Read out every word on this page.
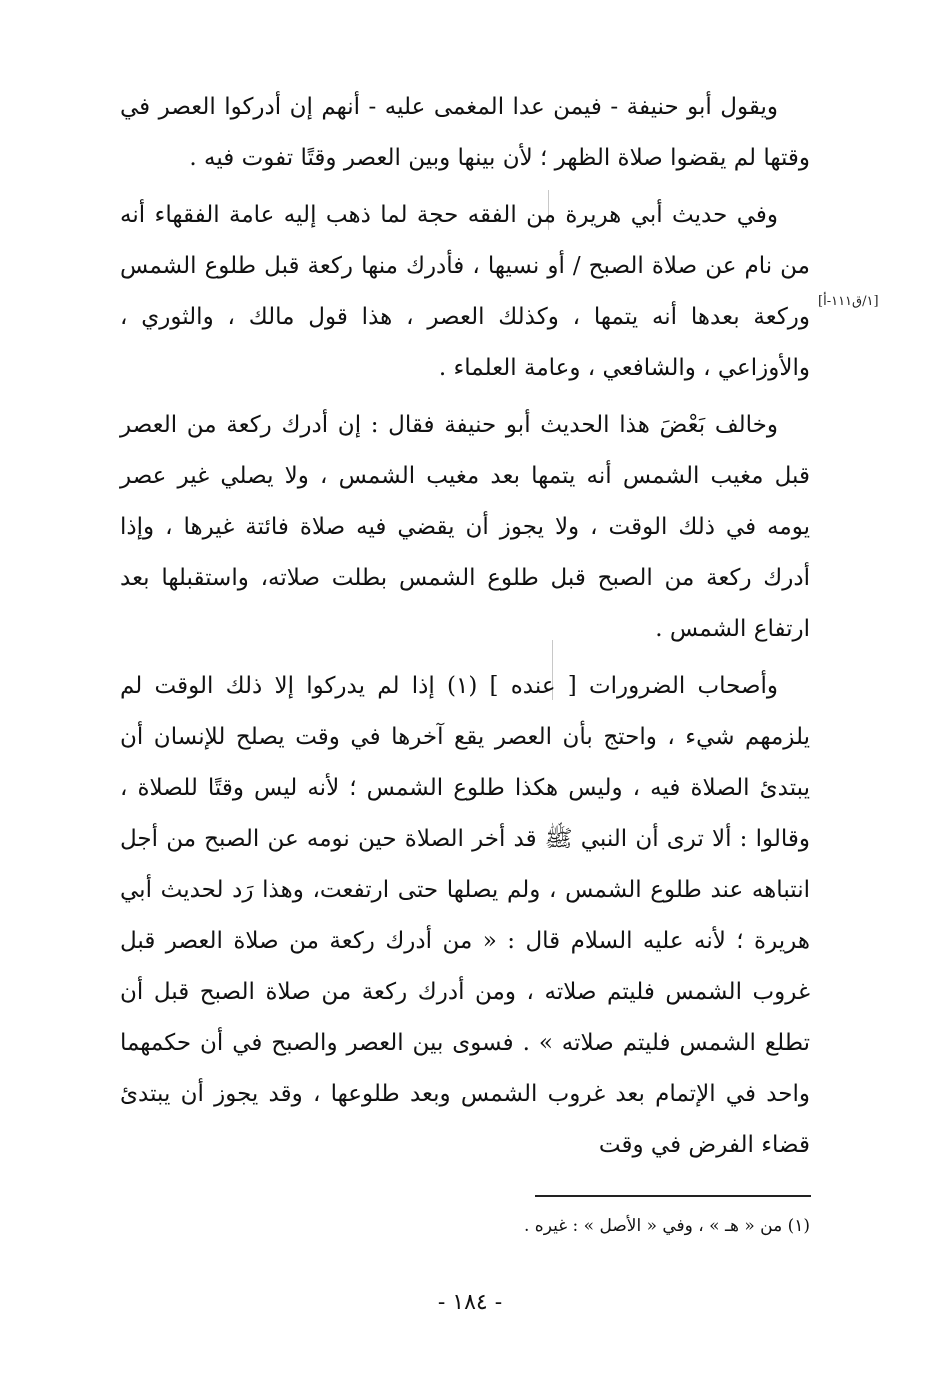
[١/ق١١١-أ]

ويقول أبو حنيفة - فيمن عدا المغمى عليه - أنهم إن أدركوا العصر في وقتها لم يقضوا صلاة الظهر ؛ لأن بينها وبين العصر وقتًا تفوت فيه .

وفي حديث أبي هريرة من الفقه حجة لما ذهب إليه عامة الفقهاء أنه من نام عن صلاة الصبح / أو نسيها ، فأدرك منها ركعة قبل طلوع الشمس وركعة بعدها أنه يتمها ، وكذلك العصر ، هذا قول مالك ، والثوري ، والأوزاعي ، والشافعي ، وعامة العلماء .

وخالف بَعْضَ هذا الحديث أبو حنيفة فقال : إن أدرك ركعة من العصر قبل مغيب الشمس أنه يتمها بعد مغيب الشمس ، ولا يصلي غير عصر يومه في ذلك الوقت ، ولا يجوز أن يقضي فيه صلاة فائتة غيرها ، وإذا أدرك ركعة من الصبح قبل طلوع الشمس بطلت صلاته، واستقبلها بعد ارتفاع الشمس .

وأصحاب الضرورات [ عنده ] (١) إذا لم يدركوا إلا ذلك الوقت لم يلزمهم شيء ، واحتج بأن العصر يقع آخرها في وقت يصلح للإنسان أن يبتدئ الصلاة فيه ، وليس هكذا طلوع الشمس ؛ لأنه ليس وقتًا للصلاة ، وقالوا : ألا ترى أن النبي ﷺ قد أخر الصلاة حين نومه عن الصبح من أجل انتباهه عند طلوع الشمس ، ولم يصلها حتى ارتفعت، وهذا رَد لحديث أبي هريرة ؛ لأنه عليه السلام قال : « من أدرك ركعة من صلاة العصر قبل غروب الشمس فليتم صلاته ، ومن أدرك ركعة من صلاة الصبح قبل أن تطلع الشمس فليتم صلاته » . فسوى بين العصر والصبح في أن حكمهما واحد في الإتمام بعد غروب الشمس وبعد طلوعها ، وقد يجوز أن يبتدئ قضاء الفرض في وقت

(١) من « هـ » ، وفي « الأصل » : غيره .
- ١٨٤ -
